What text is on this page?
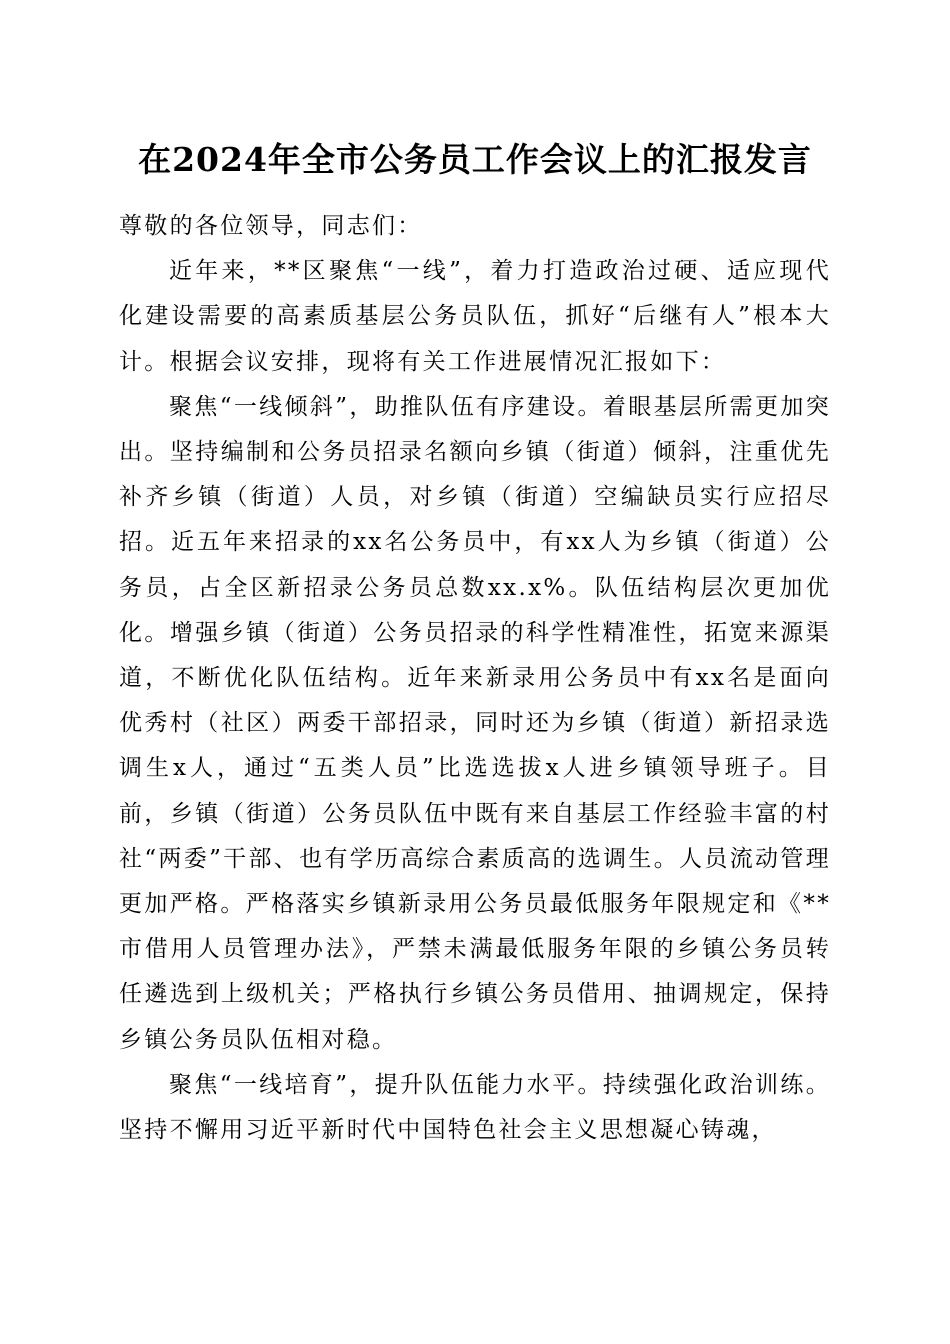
在2024年全市公务员工作会议上的汇报发言

尊敬的各位领导，同志们：

近年来，**区聚焦“一线”，着力打造政治过硬、适应现代化建设需要的高素质基层公务员队伍，抓好“后继有人”根本大计。根据会议安排，现将有关工作进展情况汇报如下：

聚焦“一线倾斜”，助推队伍有序建设。着眼基层所需更加突出。坚持编制和公务员招录名额向乡镇（街道）倾斜，注重优先补齐乡镇（街道）人员，对乡镇（街道）空编缺员实行应招尽招。近五年来招录的xx名公务员中，有xx人为乡镇（街道）公务员，占全区新招录公务员总数xx.x%。队伍结构层次更加优化。增强乡镇（街道）公务员招录的科学性精准性，拓宽来源渠道，不断优化队伍结构。近年来新录用公务员中有xx名是面向优秀村（社区）两委干部招录，同时还为乡镇（街道）新招录选调生x人，通过“五类人员”比选选拔x人进乡镇领导班子。目前，乡镇（街道）公务员队伍中既有来自基层工作经验丰富的村社“两委”干部、也有学历高综合素质高的选调生。人员流动管理更加严格。严格落实乡镇新录用公务员最低服务年限规定和《**市借用人员管理办法》，严禁未满最低服务年限的乡镇公务员转任遴选到上级机关；严格执行乡镇公务员借用、抽调规定，保持乡镇公务员队伍相对稳。

聚焦“一线培育”，提升队伍能力水平。持续强化政治训练。坚持不懈用习近平新时代中国特色社会主义思想凝心铸魂，
